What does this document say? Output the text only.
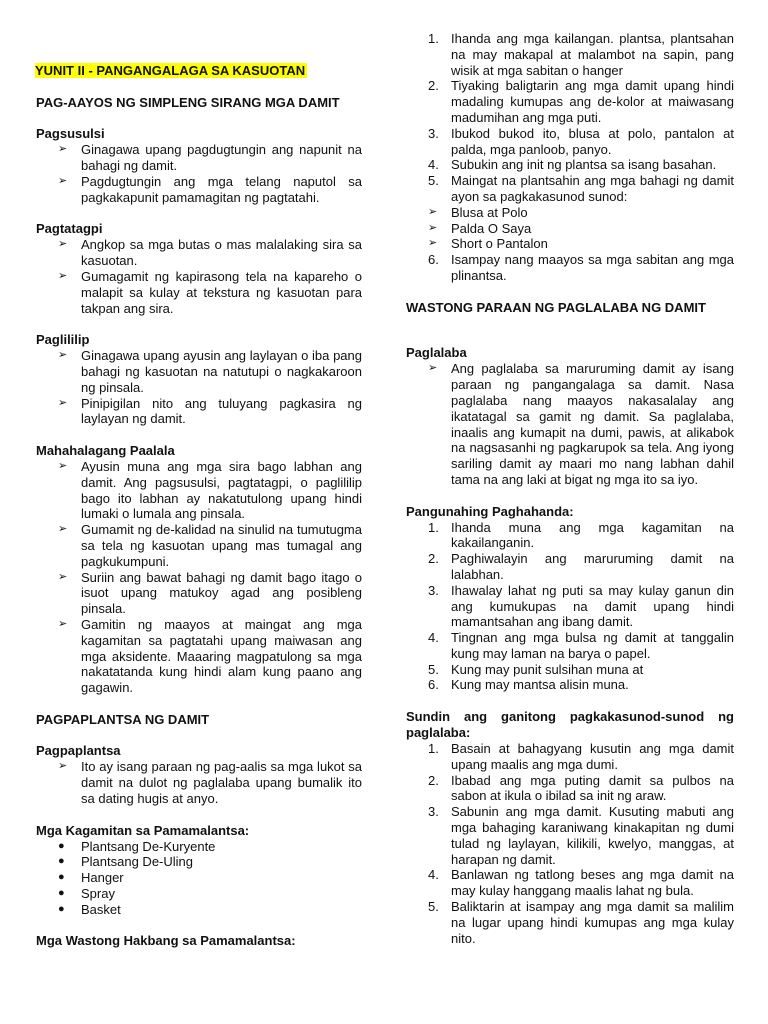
YUNIT II - PANGANGALAGA SA KASUOTAN
PAG-AAYOS NG SIMPLENG SIRANG MGA DAMIT
Pagsusulsi
➢ Ginagawa upang pagdugtungin ang napunit na bahagi ng damit.
➢ Pagdugtungin ang mga telang naputol sa pagkakapunit pamamagitan ng pagtatahi.
Pagtatagpi
➢ Angkop sa mga butas o mas malalaking sira sa kasuotan.
➢ Gumagamit ng kapirasong tela na kapareho o malapit sa kulay at tekstura ng kasuotan para takpan ang sira.
Paglililip
➢ Ginagawa upang ayusin ang laylayan o iba pang bahagi ng kasuotan na natutupi o nagkakaroon ng pinsala.
➢ Pinipigilan nito ang tuluyang pagkasira ng laylayan ng damit.
Mahahalagang Paalala
➢ Ayusin muna ang mga sira bago labhan ang damit. Ang pagsusulsi, pagtatagpi, o paglililip bago ito labhan ay nakatutulong upang hindi lumaki o lumala ang pinsala.
➢ Gumamit ng de-kalidad na sinulid na tumutugma sa tela ng kasuotan upang mas tumagal ang pagkukumpuni.
➢ Suriin ang bawat bahagi ng damit bago itago o isuot upang matukoy agad ang posibleng pinsala.
➢ Gamitin ng maayos at maingat ang mga kagamitan sa pagtatahi upang maiwasan ang mga aksidente. Maaaring magpatulong sa mga nakatatanda kung hindi alam kung paano ang gagawin.
PAGPAPLANTSA NG DAMIT
Pagpaplantsa
➢ Ito ay isang paraan ng pag-aalis sa mga lukot sa damit na dulot ng paglalaba upang bumalik ito sa dating hugis at anyo.
Mga Kagamitan sa Pamamalantsa:
● Plantsang De-Kuryente
● Plantsang De-Uling
● Hanger
● Spray
● Basket
Mga Wastong Hakbang sa Pamamalantsa:
1. Ihanda ang mga kailangan. plantsa, plantsahan na may makapal at malambot na sapin, pang wisik at mga sabitan o hanger
2. Tiyaking baligtarin ang mga damit upang hindi madaling kumupas ang de-kolor at maiwasang madumihan ang mga puti.
3. Ibukod bukod ito, blusa at polo, pantalon at palda, mga panloob, panyo.
4. Subukin ang init ng plantsa sa isang basahan.
5. Maingat na plantsahin ang mga bahagi ng damit ayon sa pagkakasunod sunod:
➢ Blusa at Polo
➢ Palda O Saya
➢ Short o Pantalon
6. Isampay nang maayos sa mga sabitan ang mga plinantsa.
WASTONG PARAAN NG PAGLALABA NG DAMIT
Paglalaba
➢ Ang paglalaba sa maruruming damit ay isang paraan ng pangangalaga sa damit. Nasa paglalaba nang maayos nakasalalay ang ikatatagal sa gamit ng damit. Sa paglalaba, inaalis ang kumapit na dumi, pawis, at alikabok na nagsasanhi ng pagkarupok sa tela. Ang iyong sariling damit ay maari mo nang labhan dahil tama na ang laki at bigat ng mga ito sa iyo.
Pangunahing Paghahanda:
1. Ihanda muna ang mga kagamitan na kakailanganin.
2. Paghiwalayin ang maruruming damit na lalabhan.
3. Ihawalay lahat ng puti sa may kulay ganun din ang kumukupas na damit upang hindi mamantsahan ang ibang damit.
4. Tingnan ang mga bulsa ng damit at tanggalin kung may laman na barya o papel.
5. Kung may punit sulsihan muna at
6. Kung may mantsa alisin muna.
Sundin ang ganitong pagkakasunod-sunod ng paglalaba:
1. Basain at bahagyang kusutin ang mga damit upang maalis ang mga dumi.
2. Ibabad ang mga puting damit sa pulbos na sabon at ikula o ibilad sa init ng araw.
3. Sabunin ang mga damit. Kusuting mabuti ang mga bahaging karaniwang kinakapitan ng dumi tulad ng laylayan, kilikili, kwelyo, manggas, at harapan ng damit.
4. Banlawan ng tatlong beses ang mga damit na may kulay hanggang maalis lahat ng bula.
5. Baliktarin at isampay ang mga damit sa malilim na lugar upang hindi kumupas ang mga kulay nito.
